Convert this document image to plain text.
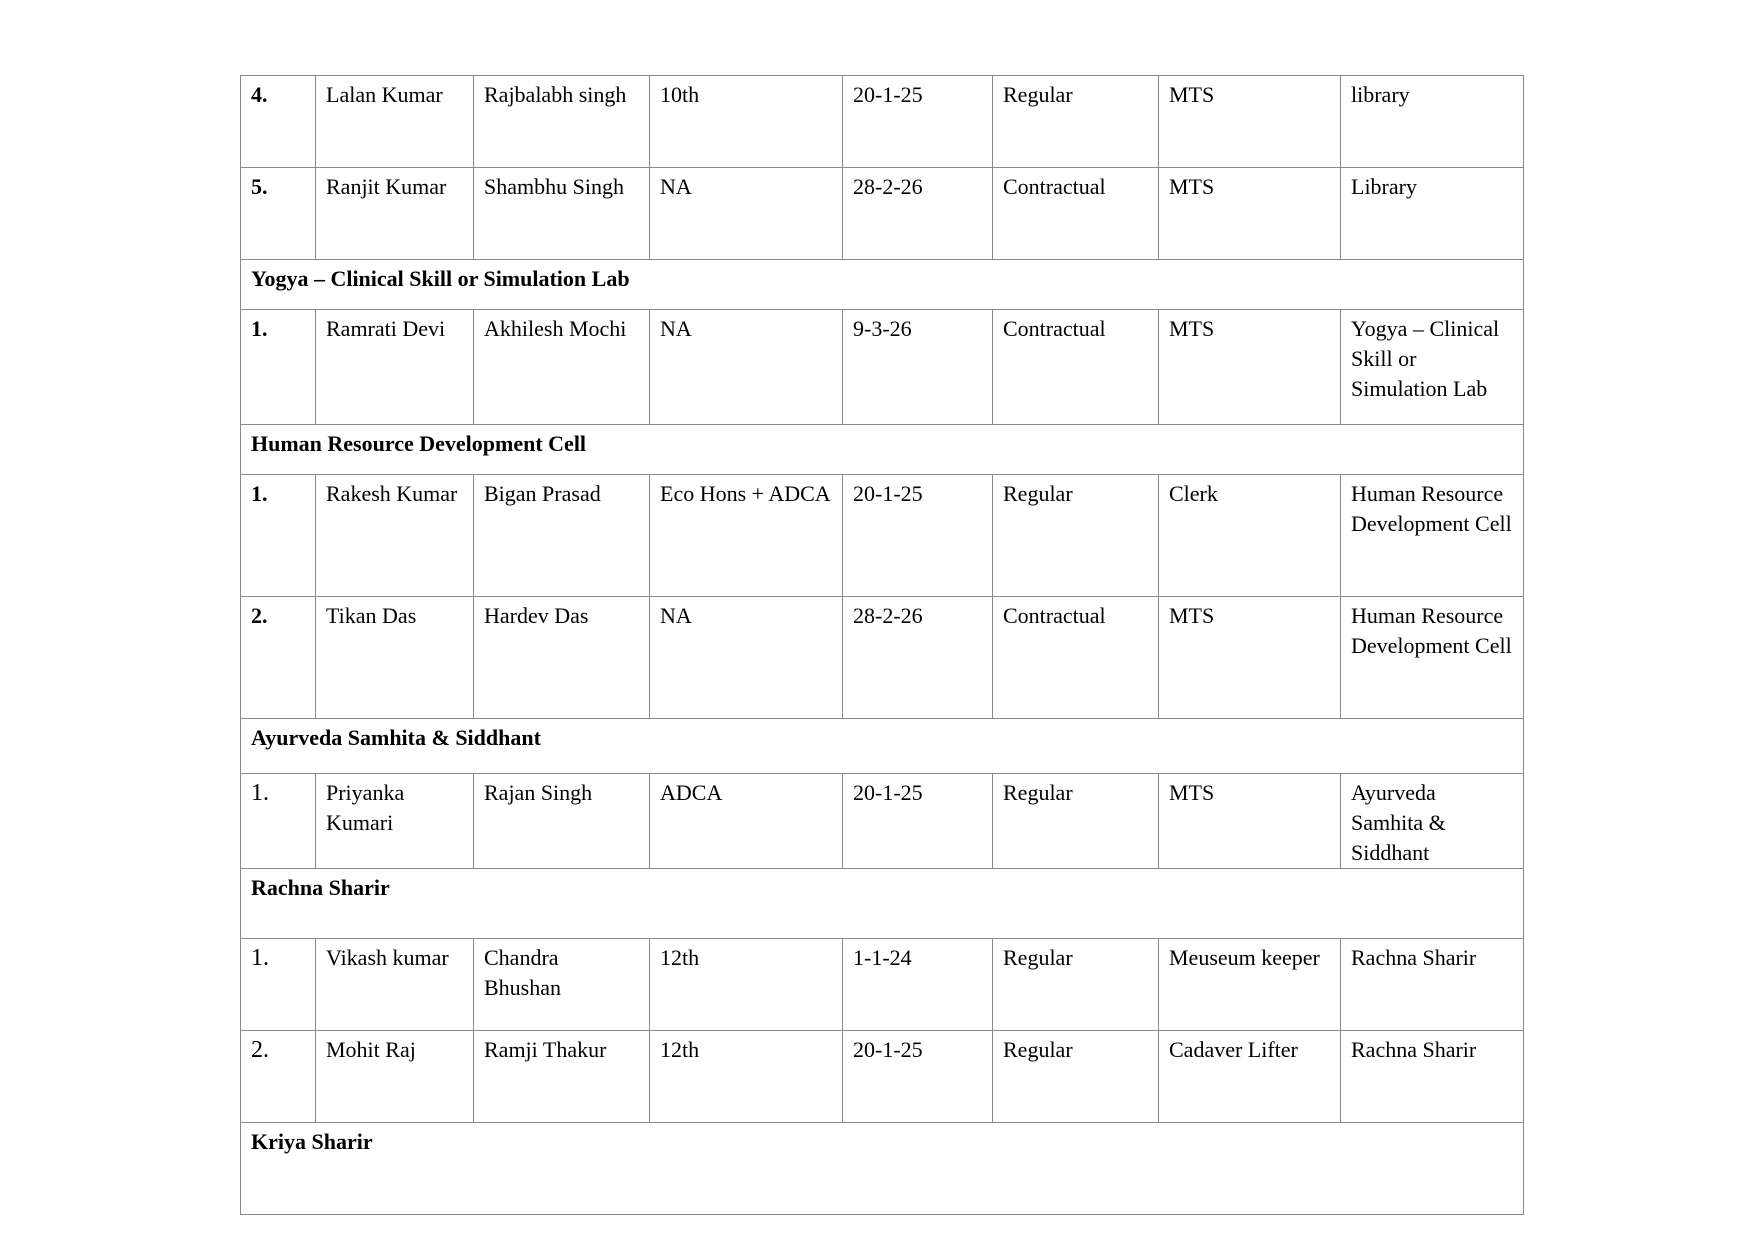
4.	Lalan Kumar	Rajbalabh singh	10th	20-1-25	Regular	MTS	library
5.	Ranjit Kumar	Shambhu Singh	NA	28-2-26	Contractual	MTS	Library
Yogya – Clinical Skill or Simulation Lab							
1.	Ramrati Devi	Akhilesh Mochi	NA	9-3-26	Contractual	MTS	Yogya – Clinical Skill or Simulation Lab
Human Resource Development Cell							
1.	Rakesh Kumar	Bigan Prasad	Eco Hons + ADCA	20-1-25	Regular	Clerk	Human Resource Development Cell
2.	Tikan Das	Hardev Das	NA	28-2-26	Contractual	MTS	Human Resource Development Cell
Ayurveda Samhita & Siddhant							
1.	Priyanka Kumari	Rajan Singh	ADCA	20-1-25	Regular	MTS	Ayurveda Samhita & Siddhant
Rachna Sharir							
1.	Vikash kumar	Chandra Bhushan	12th	1-1-24	Regular	Meuseum keeper	Rachna Sharir
2.	Mohit Raj	Ramji Thakur	12th	20-1-25	Regular	Cadaver Lifter	Rachna Sharir
Kriya Sharir							
